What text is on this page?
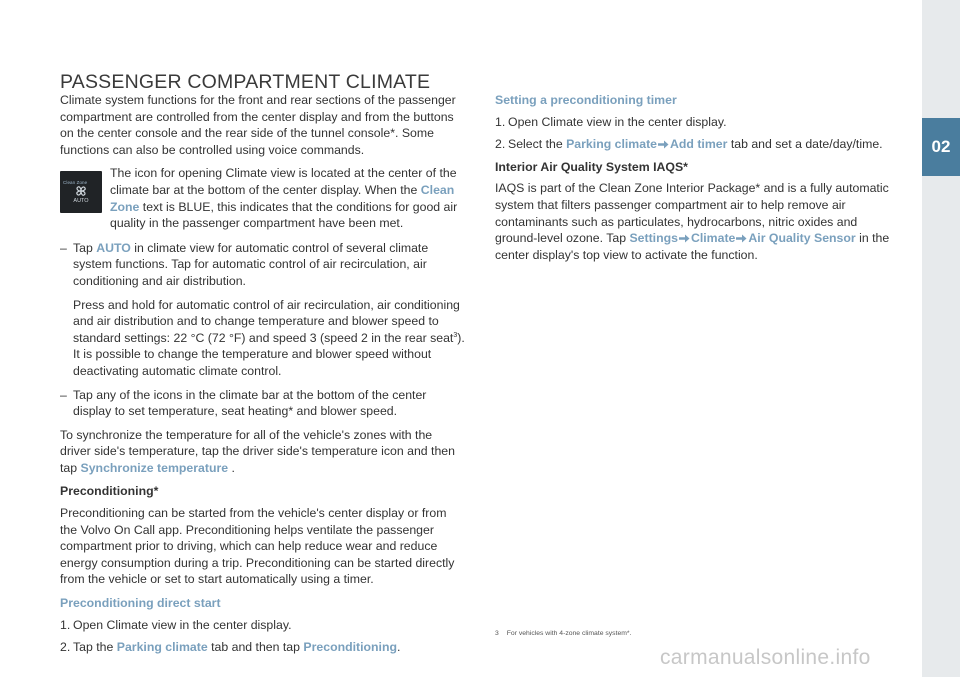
02
PASSENGER COMPARTMENT CLIMATE

Climate system functions for the front and rear sections of the passenger compartment are controlled from the center display and from the buttons on the center console and the rear side of the tunnel console*. Some functions can also be controlled using voice commands.

Clean Zone
AUTO
The icon for opening Climate view is located at the center of the climate bar at the bottom of the center display. When the Clean Zone text is BLUE, this indicates that the conditions for good air quality in the passenger compartment have been met.
– Tap AUTO in climate view for automatic control of several climate system functions. Tap for automatic control of air recirculation, air conditioning and air distribution.

Press and hold for automatic control of air recirculation, air conditioning and air distribution and to change temperature and blower speed to standard settings: 22 °C (72 °F) and speed 3 (speed 2 in the rear seat$^3$). It is possible to change the temperature and blower speed without deactivating automatic climate control.

– Tap any of the icons in the climate bar at the bottom of the center display to set temperature, seat heating* and blower speed.

To synchronize the temperature for all of the vehicle's zones with the driver side's temperature, tap the driver side's temperature icon and then tap Synchronize temperature .

Preconditioning*

Preconditioning can be started from the vehicle's center display or from the Volvo On Call app. Preconditioning helps ventilate the passenger compartment prior to driving, which can help reduce wear and reduce energy consumption during a trip. Preconditioning can be started directly from the vehicle or set to start automatically using a timer.

Preconditioning direct start

1. Open Climate view in the center display.
2. Tap the Parking climate tab and then tap Preconditioning.

Setting a preconditioning timer

1. Open Climate view in the center display.
2. Select the Parking climate Add timer tab and set a date/day/time.

Interior Air Quality System IAQS*

IAQS is part of the Clean Zone Interior Package* and is a fully automatic system that filters passenger compartment air to help remove air contaminants such as particulates, hydrocarbons, nitric oxides and ground-level ozone. Tap Settings Climate Air Quality Sensor in the center display's top view to activate the function.

3 For vehicles with 4-zone climate system*.
carmanualsonline.info
